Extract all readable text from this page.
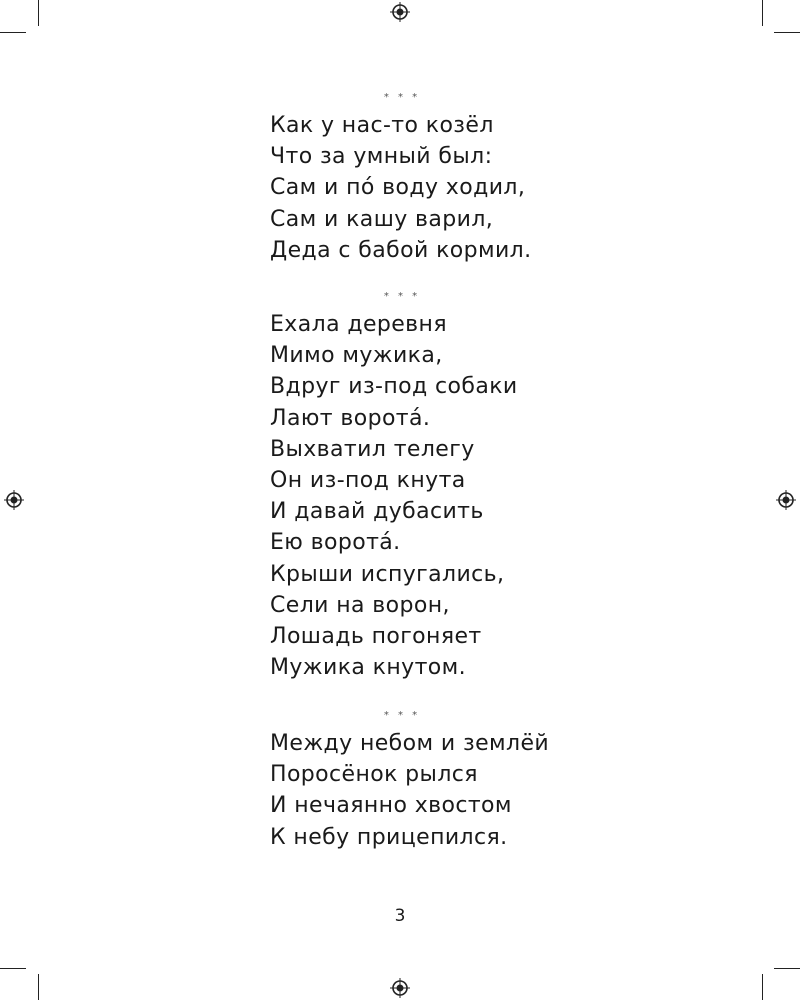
* * *
Как у нас-то козёл
Что за умный был:
Сам и по́ воду ходил,
Сам и кашу варил,
Деда с бабой кормил.
* * *
Ехала деревня
Мимо мужика,
Вдруг из-под собаки
Лают ворота́.
Выхватил телегу
Он из-под кнута
И давай дубасить
Ею ворота́.
Крыши испугались,
Сели на ворон,
Лошадь погоняет
Мужика кнутом.
* * *
Между небом и землёй
Поросёнок рылся
И нечаянно хвостом
К небу прицепился.
3
